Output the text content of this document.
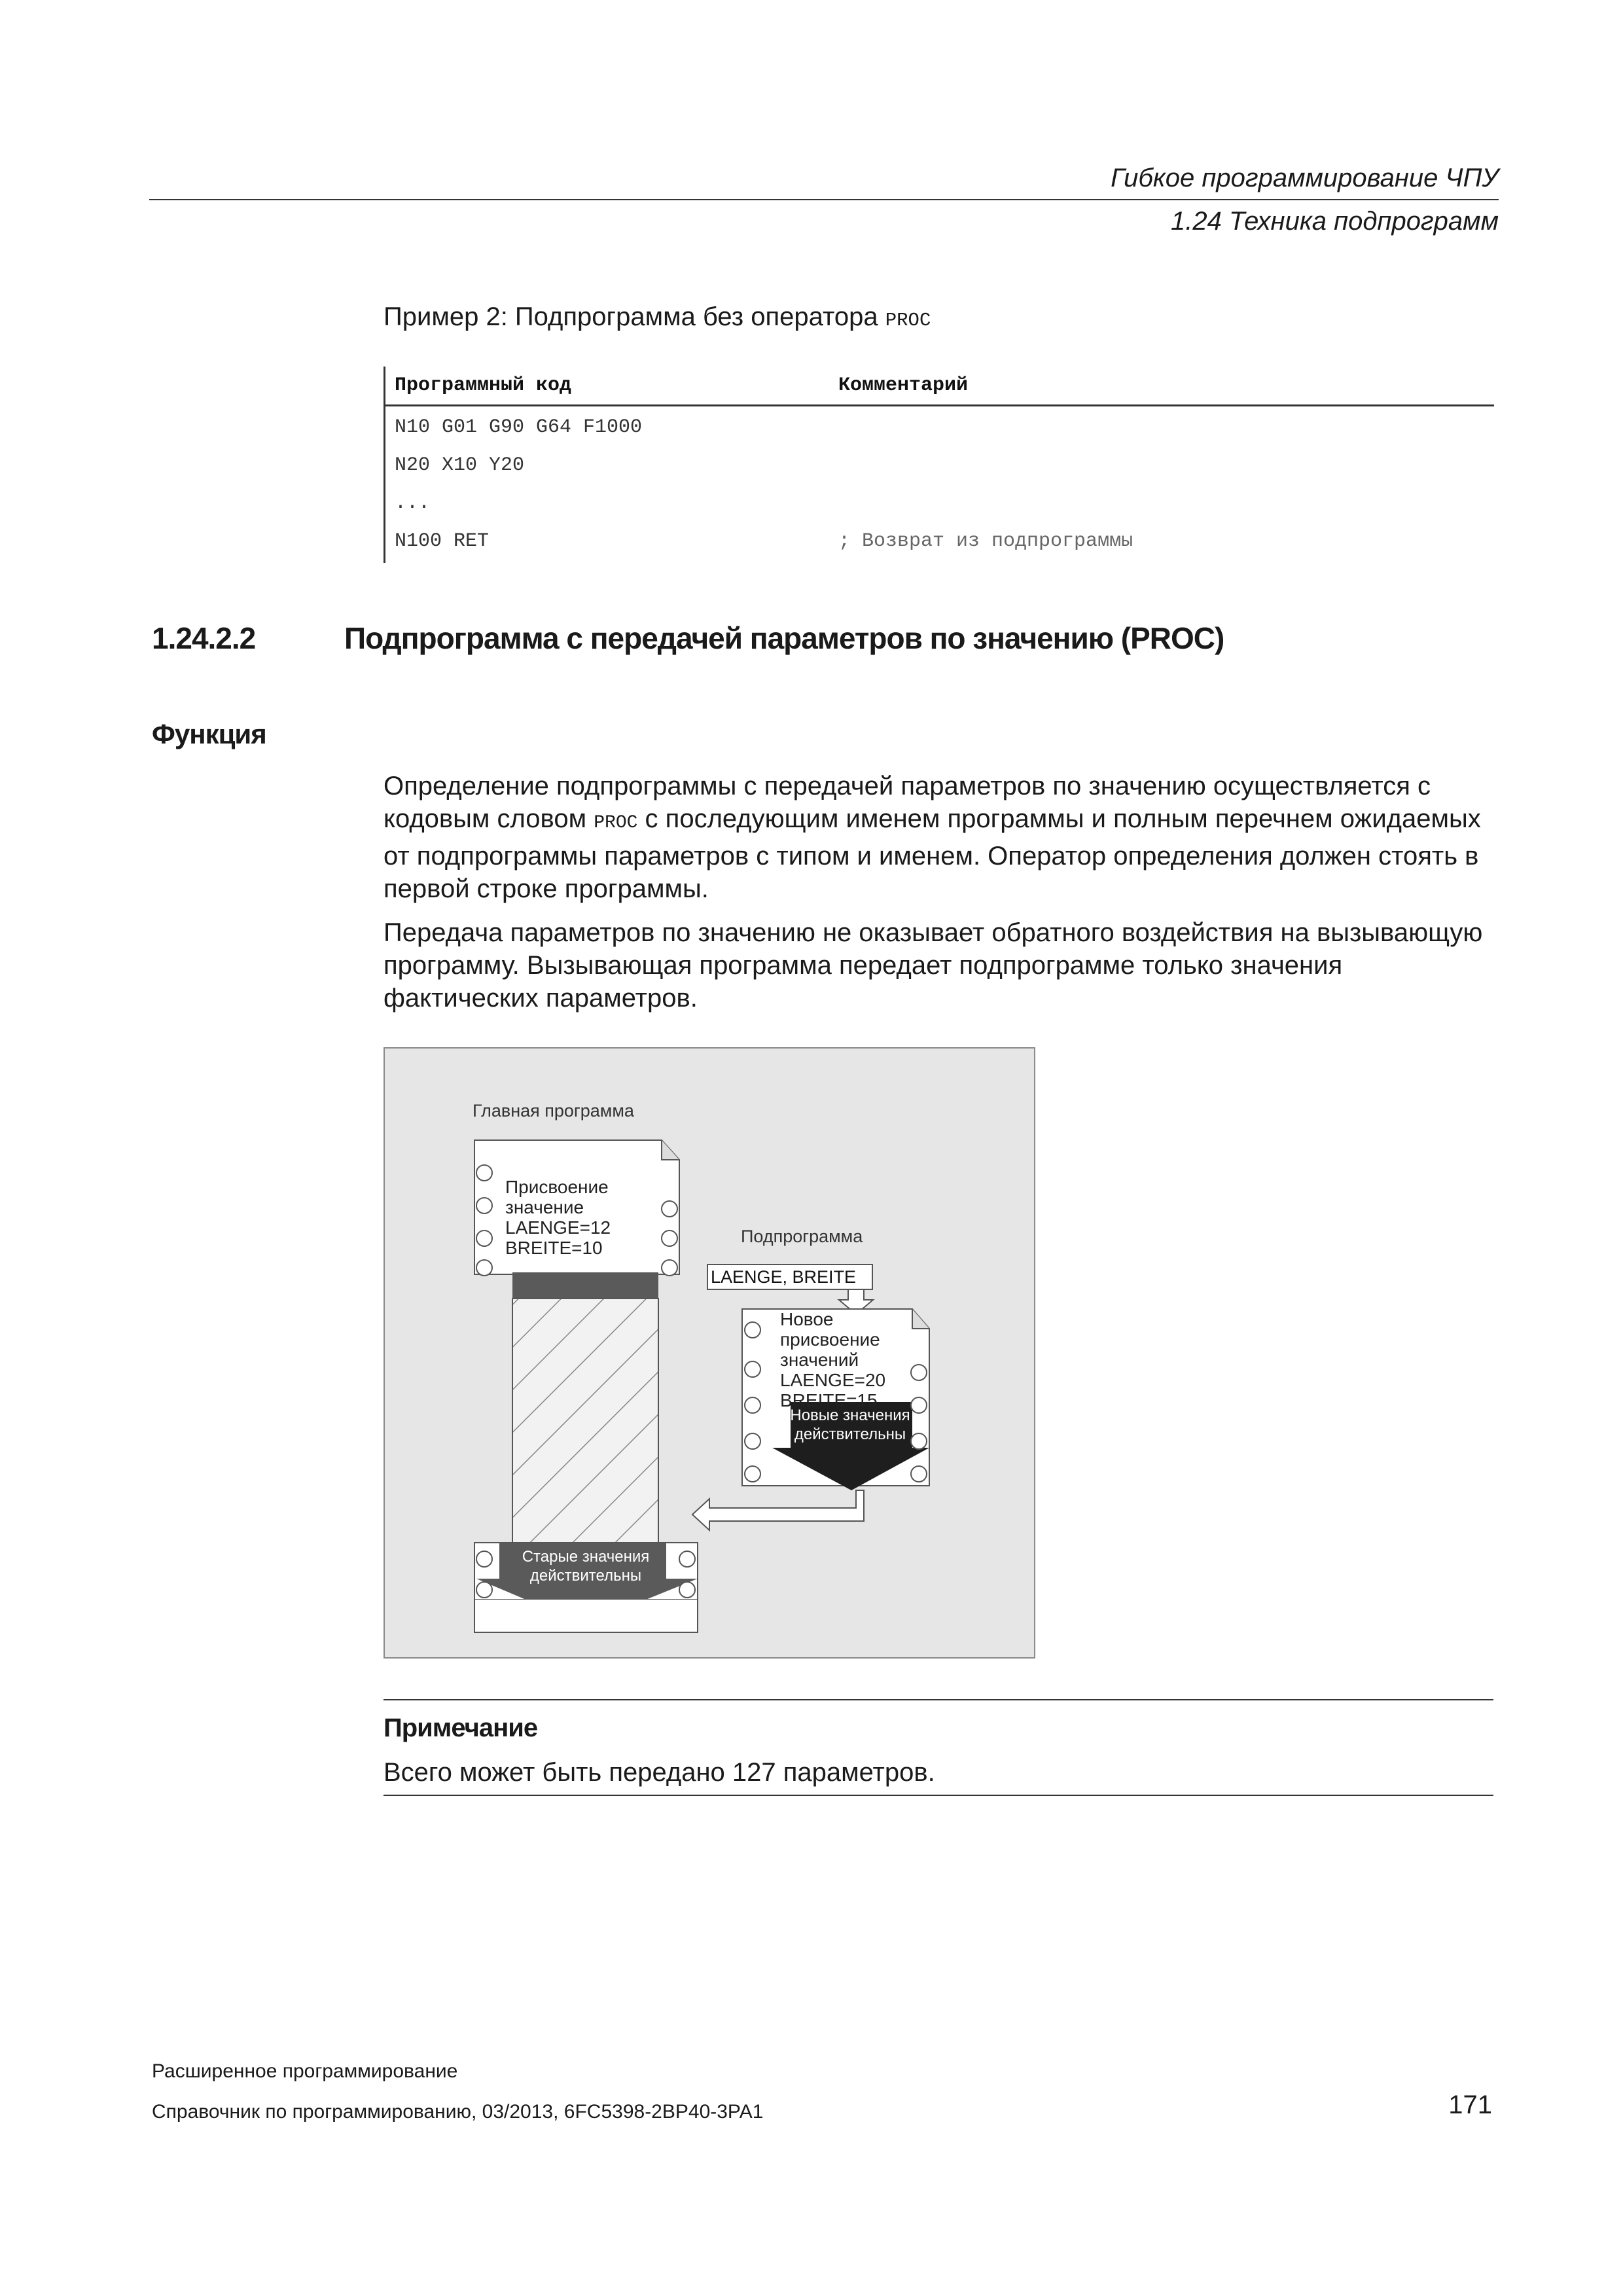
Гибкое программирование ЧПУ
1.24 Техника подпрограмм
Пример 2: Подпрограмма без оператора PROC
Программный код	Комментарий
N10 G01 G90 G64 F1000
N20 X10 Y20
...
N100 RET	; Возврат из подпрограммы
1.24.2.2	Подпрограмма с передачей параметров по значению (PROC)
Функция
Определение подпрограммы с передачей параметров по значению осуществляется с кодовым словом PROC с последующим именем программы и полным перечнем ожидаемых от подпрограммы параметров с типом и именем. Оператор определения должен стоять в первой строке программы.
Передача параметров по значению не оказывает обратного воздействия на вызывающую программу. Вызывающая программа передает подпрограмме только значения фактических параметров.
Главная программа
Присвоение
значение
LAENGE=12
BREITE=10
Подпрограмма
LAENGE, BREITE
Новое
присвоение
значений
LAENGE=20
BREITE=15
Новые значения
действительны
Старые значения
действительны
Примечание
Всего может быть передано 127 параметров.
Расширенное программирование
Справочник по программированию, 03/2013, 6FC5398-2BP40-3PA1	171
